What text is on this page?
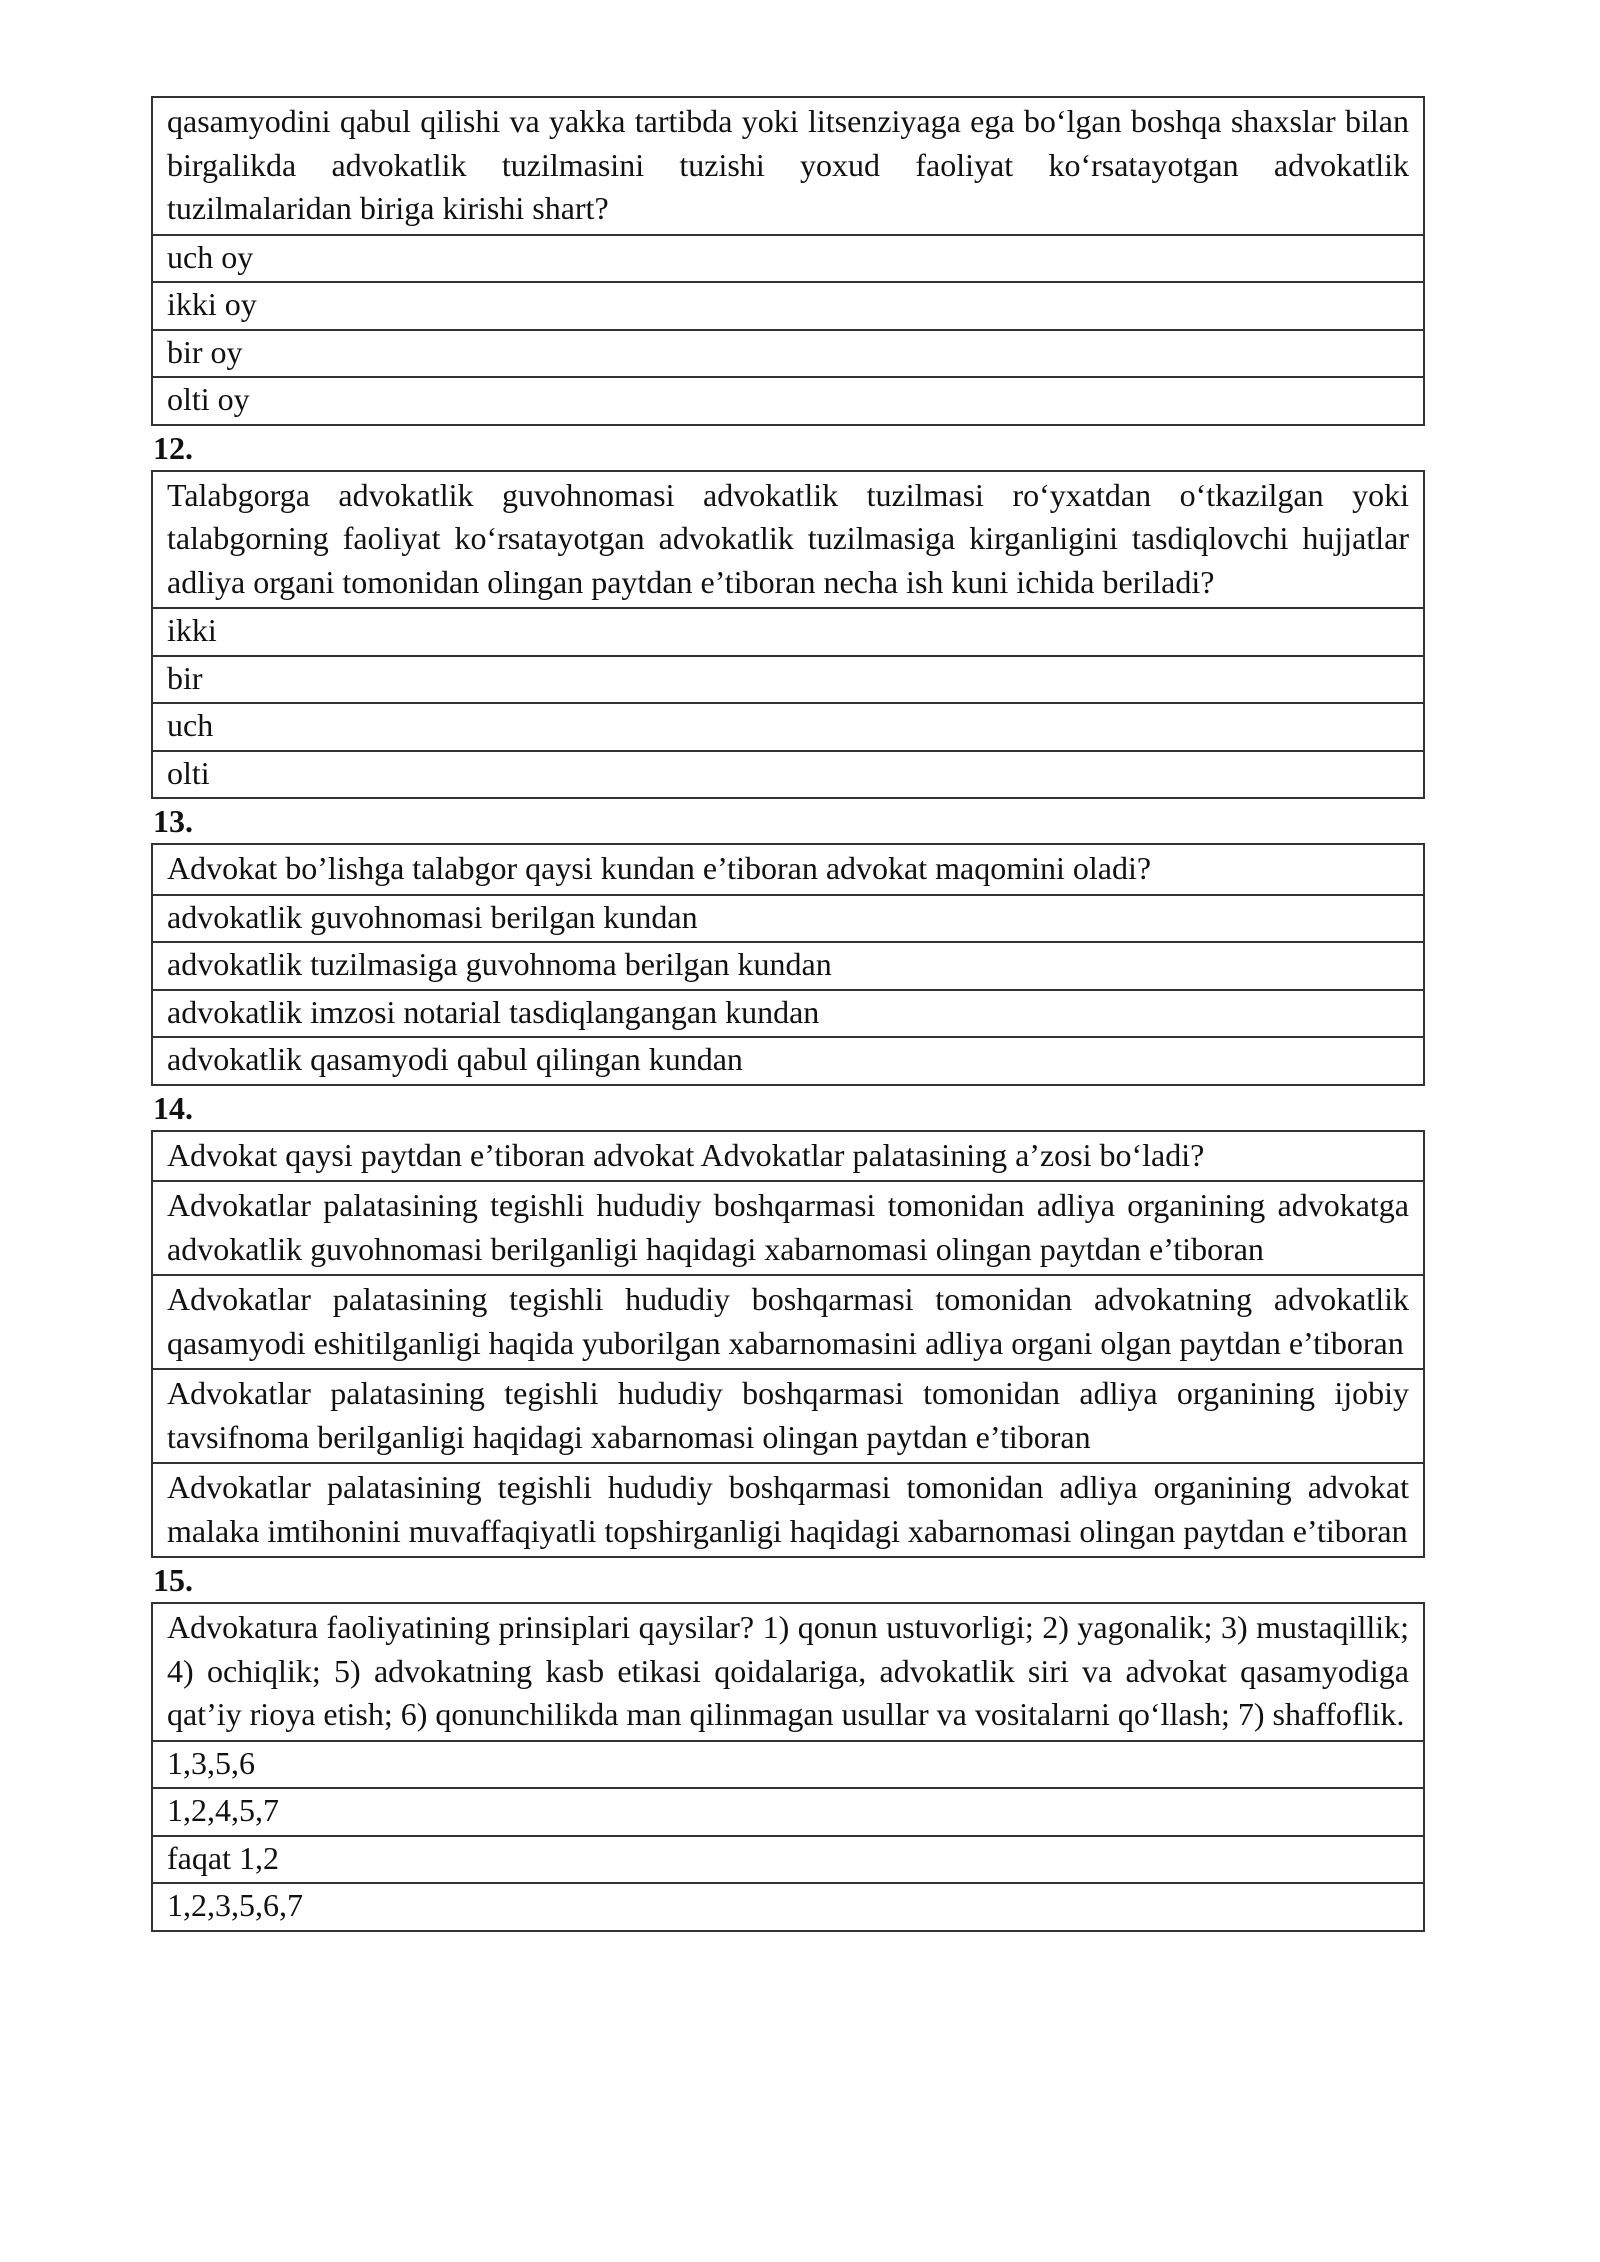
qasamyodini qabul qilishi va yakka tartibda yoki litsenziyaga ega bo‘lgan boshqa shaxslar bilan birgalikda advokatlik tuzilmasini tuzishi yoxud faoliyat ko‘rsatayotgan advokatlik tuzilmalaridan biriga kirishi shart?
uch oy
ikki oy
bir oy
olti oy
12.
Talabgorga advokatlik guvohnomasi advokatlik tuzilmasi ro‘yxatdan o‘tkazilgan yoki talabgorning faoliyat ko‘rsatayotgan advokatlik tuzilmasiga kirganligini tasdiqlovchi hujjatlar adliya organi tomonidan olingan paytdan e’tiboran necha ish kuni ichida beriladi?
ikki
bir
uch
olti
13.
Advokat bo’lishga talabgor qaysi kundan e’tiboran advokat maqomini oladi?
advokatlik guvohnomasi berilgan kundan
advokatlik tuzilmasiga guvohnoma berilgan kundan
advokatlik imzosi notarial tasdiqlangangan kundan
advokatlik qasamyodi qabul qilingan kundan
14.
Advokat qaysi paytdan e’tiboran advokat Advokatlar palatasining a’zosi bo‘ladi?
Advokatlar palatasining tegishli hududiy boshqarmasi tomonidan adliya organining advokatga advokatlik guvohnomasi berilganligi haqidagi xabarnomasi olingan paytdan e’tiboran
Advokatlar palatasining tegishli hududiy boshqarmasi tomonidan advokatning advokatlik qasamyodi eshitilganligi haqida yuborilgan xabarnomasini adliya organi olgan paytdan e’tiboran
Advokatlar palatasining tegishli hududiy boshqarmasi tomonidan adliya organining ijobiy tavsifnoma berilganligi haqidagi xabarnomasi olingan paytdan e’tiboran
Advokatlar palatasining tegishli hududiy boshqarmasi tomonidan adliya organining advokat malaka imtihonini muvaffaqiyatli topshirganligi haqidagi xabarnomasi olingan paytdan e’tiboran
15.
Advokatura faoliyatining prinsiplari qaysilar? 1) qonun ustuvorligi; 2) yagonalik; 3) mustaqillik; 4) ochiqlik; 5) advokatning kasb etikasi qoidalariga, advokatlik siri va advokat qasamyodiga qat’iy rioya etish; 6) qonunchilikda man qilinmagan usullar va vositalarni qo‘llash; 7) shaffoflik.
1,3,5,6
1,2,4,5,7
faqat 1,2
1,2,3,5,6,7
